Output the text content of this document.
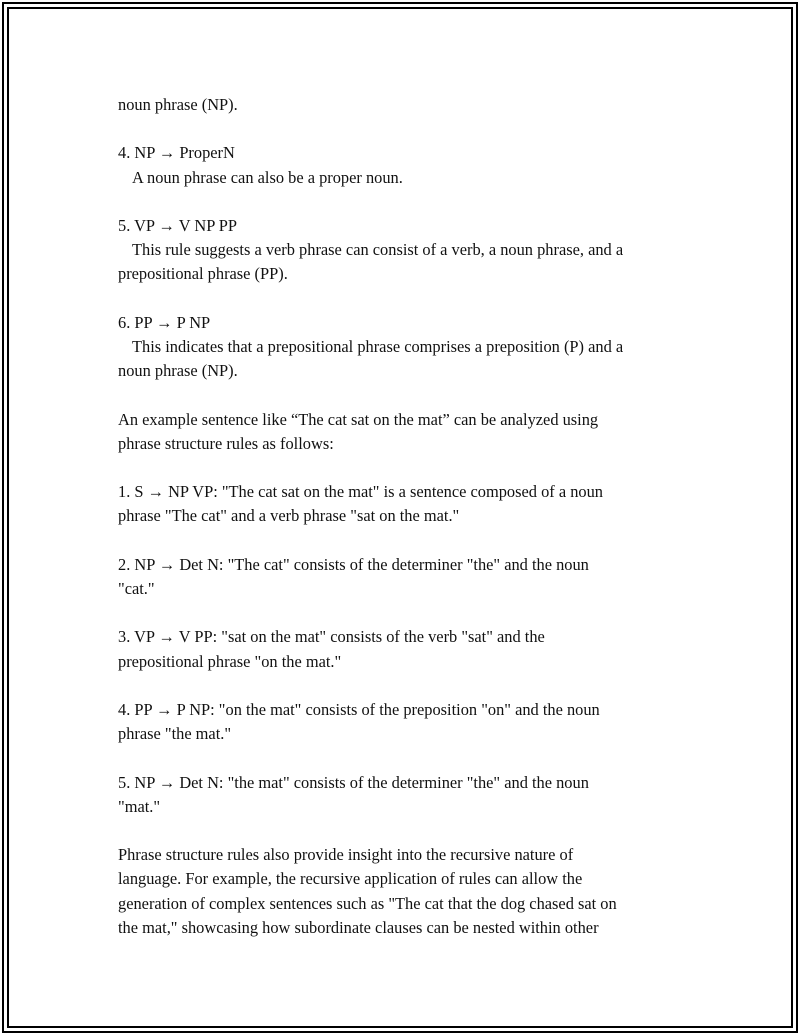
noun phrase (NP).
4. NP → ProperN
A noun phrase can also be a proper noun.
5. VP → V NP PP
This rule suggests a verb phrase can consist of a verb, a noun phrase, and a
prepositional phrase (PP).
6. PP → P NP
This indicates that a prepositional phrase comprises a preposition (P) and a
noun phrase (NP).
An example sentence like “The cat sat on the mat” can be analyzed using
phrase structure rules as follows:
1. S → NP VP: "The cat sat on the mat" is a sentence composed of a noun
phrase "The cat" and a verb phrase "sat on the mat."
2. NP → Det N: "The cat" consists of the determiner "the" and the noun
"cat."
3. VP → V PP: "sat on the mat" consists of the verb "sat" and the
prepositional phrase "on the mat."
4. PP → P NP: "on the mat" consists of the preposition "on" and the noun
phrase "the mat."
5. NP → Det N: "the mat" consists of the determiner "the" and the noun
"mat."
Phrase structure rules also provide insight into the recursive nature of
language. For example, the recursive application of rules can allow the
generation of complex sentences such as "The cat that the dog chased sat on
the mat," showcasing how subordinate clauses can be nested within other
